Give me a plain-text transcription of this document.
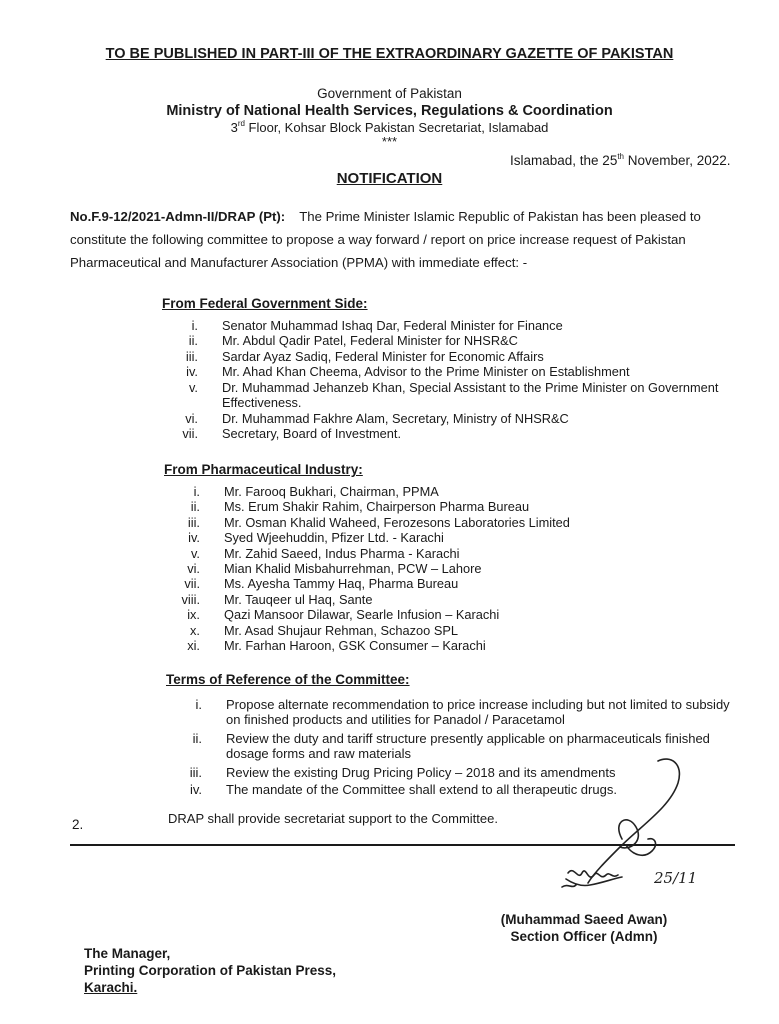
TO BE PUBLISHED IN PART-III OF THE EXTRAORDINARY GAZETTE OF PAKISTAN
Government of Pakistan
Ministry of National Health Services, Regulations & Coordination
3rd Floor, Kohsar Block Pakistan Secretariat, Islamabad
***
Islamabad, the 25th November, 2022.
NOTIFICATION
No.F.9-12/2021-Admn-II/DRAP (Pt): The Prime Minister Islamic Republic of Pakistan has been pleased to constitute the following committee to propose a way forward / report on price increase request of Pakistan Pharmaceutical and Manufacturer Association (PPMA) with immediate effect: -
From Federal Government Side:
i. Senator Muhammad Ishaq Dar, Federal Minister for Finance
ii. Mr. Abdul Qadir Patel, Federal Minister for NHSR&C
iii. Sardar Ayaz Sadiq, Federal Minister for Economic Affairs
iv. Mr. Ahad Khan Cheema, Advisor to the Prime Minister on Establishment
v. Dr. Muhammad Jehanzeb Khan, Special Assistant to the Prime Minister on Government
Effectiveness.
vi. Dr. Muhammad Fakhre Alam, Secretary, Ministry of NHSR&C
vii. Secretary, Board of Investment.
From Pharmaceutical Industry:
i. Mr. Farooq Bukhari, Chairman, PPMA
ii. Ms. Erum Shakir Rahim, Chairperson Pharma Bureau
iii. Mr. Osman Khalid Waheed, Ferozesons Laboratories Limited
iv. Syed Wjeehuddin, Pfizer Ltd. - Karachi
v. Mr. Zahid Saeed, Indus Pharma - Karachi
vi. Mian Khalid Misbahurrehman, PCW – Lahore
vii. Ms. Ayesha Tammy Haq, Pharma Bureau
viii. Mr. Tauqeer ul Haq, Sante
ix. Qazi Mansoor Dilawar, Searle Infusion – Karachi
x. Mr. Asad Shujaur Rehman, Schazoo SPL
xi. Mr. Farhan Haroon, GSK Consumer – Karachi
Terms of Reference of the Committee:
i. Propose alternate recommendation to price increase including but not limited to subsidy
on finished products and utilities for Panadol / Paracetamol
ii. Review the duty and tariff structure presently applicable on pharmaceuticals finished
dosage forms and raw materials
iii. Review the existing Drug Pricing Policy – 2018 and its amendments
iv. The mandate of the Committee shall extend to all therapeutic drugs.
2.	DRAP shall provide secretariat support to the Committee.
25/11
(Muhammad Saeed Awan)
Section Officer (Admn)
The Manager,
Printing Corporation of Pakistan Press,
Karachi.
